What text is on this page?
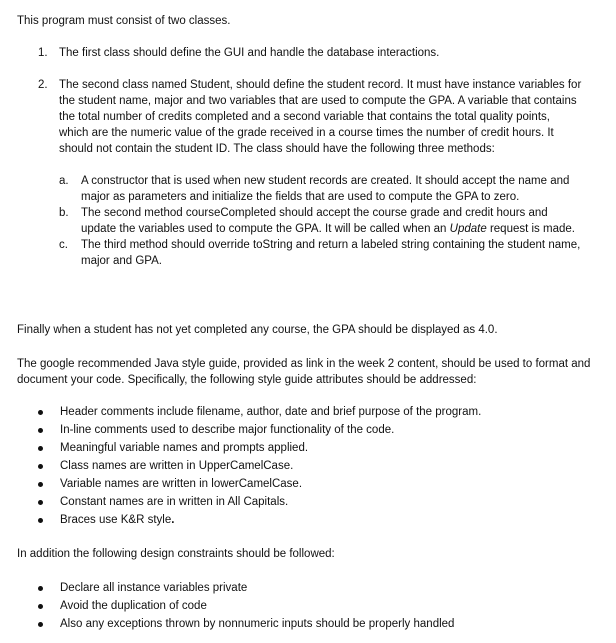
This program must consist of two classes.
1. The first class should define the GUI and handle the database interactions.
2. The second class named Student, should define the student record. It must have instance variables for the student name, major and two variables that are used to compute the GPA. A variable that contains the total number of credits completed and a second variable that contains the total quality points, which are the numeric value of the grade received in a course times the number of credit hours. It should not contain the student ID. The class should have the following three methods:
a. A constructor that is used when new student records are created. It should accept the name and major as parameters and initialize the fields that are used to compute the GPA to zero.
b. The second method courseCompleted should accept the course grade and credit hours and update the variables used to compute the GPA. It will be called when an Update request is made.
c. The third method should override toString and return a labeled string containing the student name, major and GPA.
Finally when a student has not yet completed any course, the GPA should be displayed as 4.0.
The google recommended Java style guide, provided as link in the week 2 content, should be used to format and document your code. Specifically, the following style guide attributes should be addressed:
Header comments include filename, author, date and brief purpose of the program.
In-line comments used to describe major functionality of the code.
Meaningful variable names and prompts applied.
Class names are written in UpperCamelCase.
Variable names are written in lowerCamelCase.
Constant names are in written in All Capitals.
Braces use K&R style.
In addition the following design constraints should be followed:
Declare all instance variables private
Avoid the duplication of code
Also any exceptions thrown by nonnumeric inputs should be properly handled
